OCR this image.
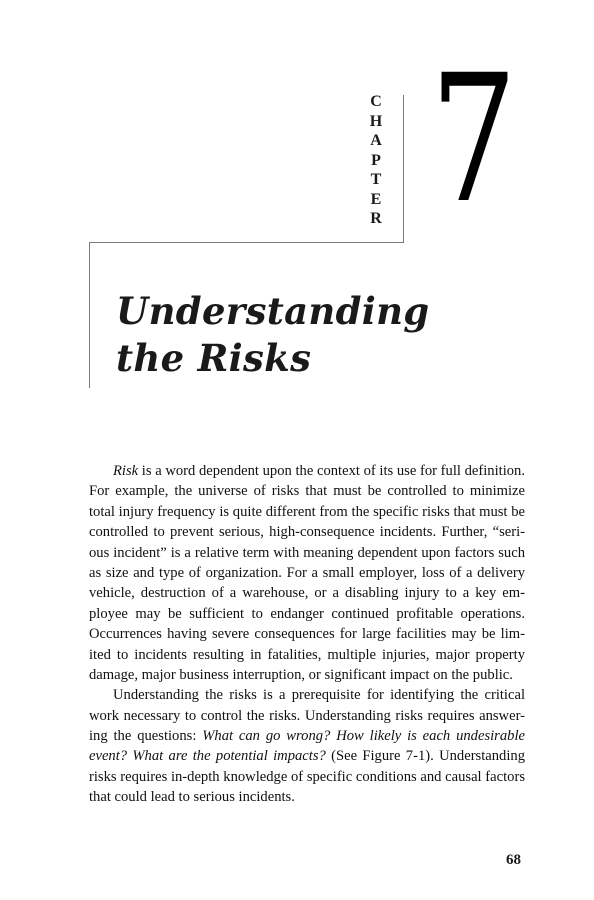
C
H
A
P
T
E
R 7
Understanding
the Risks
Risk is a word dependent upon the context of its use for full definition.
For example, the universe of risks that must be controlled to minimize
total injury frequency is quite different from the specific risks that must be
controlled to prevent serious, high-consequence incidents. Further, “seri-
ous incident” is a relative term with meaning dependent upon factors such
as size and type of organization. For a small employer, loss of a delivery
vehicle, destruction of a warehouse, or a disabling injury to a key em-
ployee may be sufficient to endanger continued profitable operations.
Occurrences having severe consequences for large facilities may be lim-
ited to incidents resulting in fatalities, multiple injuries, major property
damage, major business interruption, or significant impact on the public.
Understanding the risks is a prerequisite for identifying the critical
work necessary to control the risks. Understanding risks requires answer-
ing the questions: What can go wrong? How likely is each undesirable
event? What are the potential impacts? (See Figure 7-1). Understanding
risks requires in-depth knowledge of specific conditions and causal factors
that could lead to serious incidents.
68
